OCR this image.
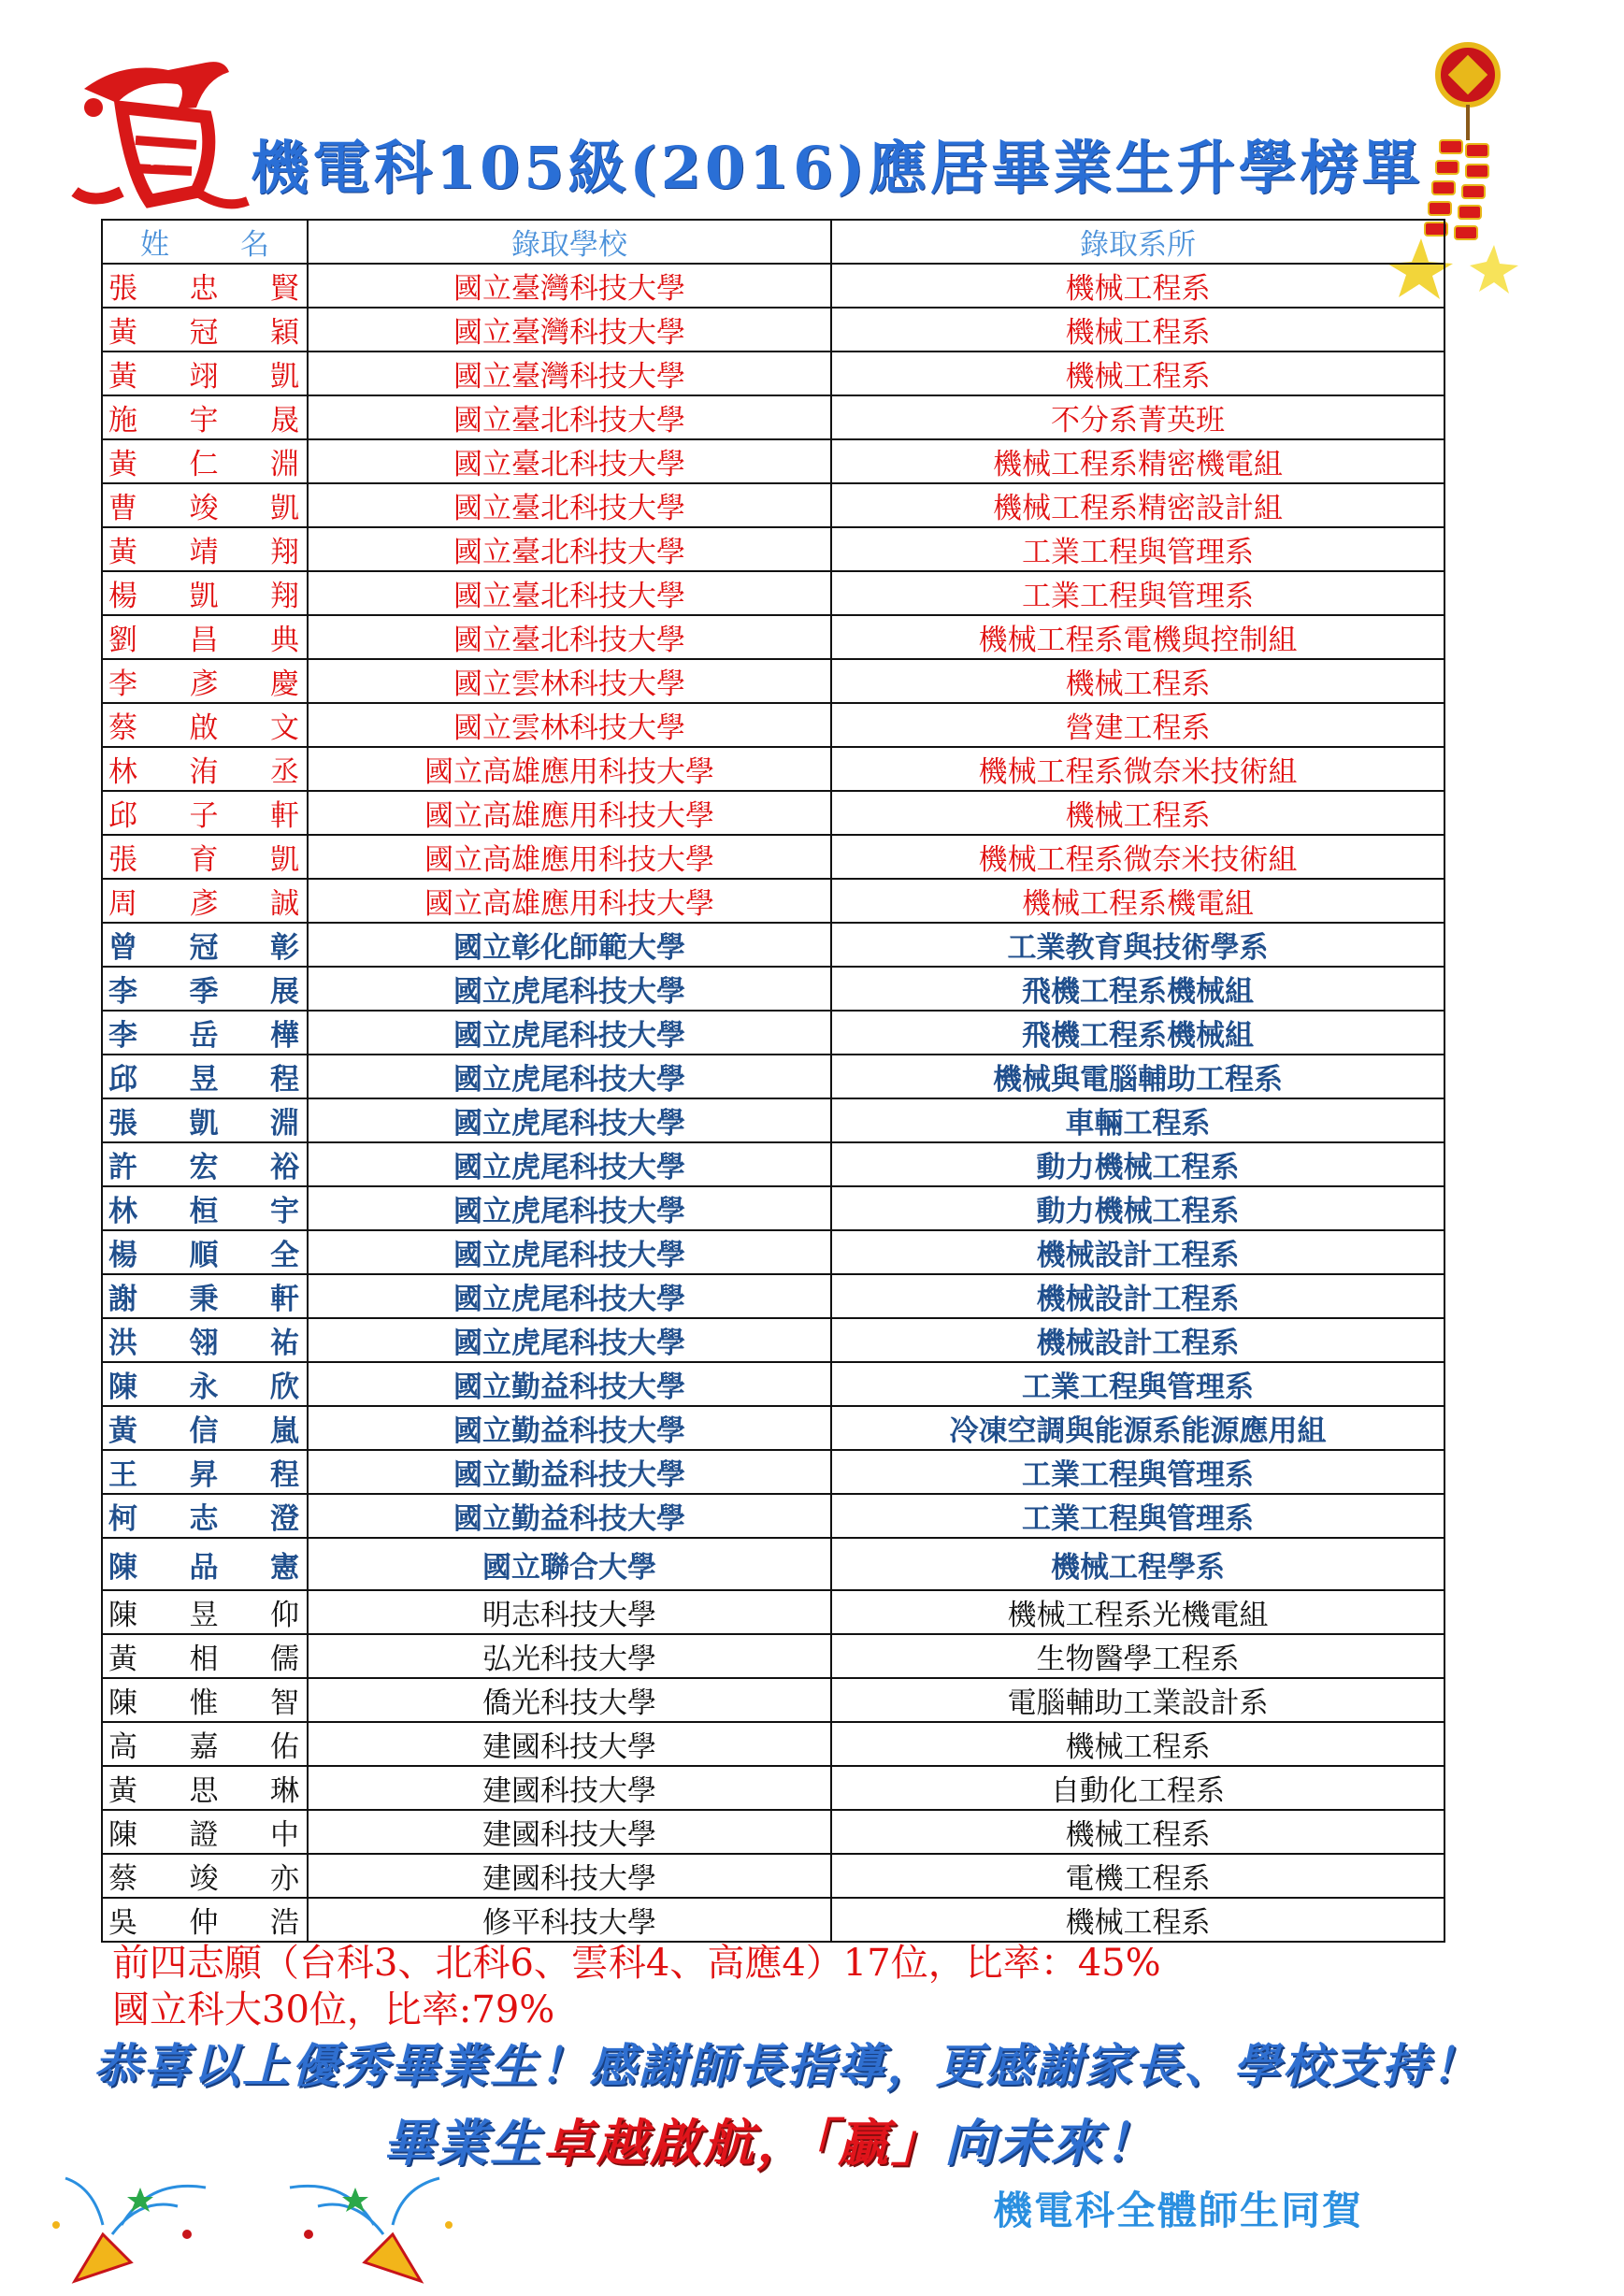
賀 機電科105級(2016)應居畢業生升學榜單
姓名	錄取學校	錄取系所
張忠賢	國立臺灣科技大學	機械工程系
黃冠穎	國立臺灣科技大學	機械工程系
黃翊凱	國立臺灣科技大學	機械工程系
施宇晟	國立臺北科技大學	不分系菁英班
黃仁淵	國立臺北科技大學	機械工程系精密機電組
曹竣凱	國立臺北科技大學	機械工程系精密設計組
黃靖翔	國立臺北科技大學	工業工程與管理系
楊凱翔	國立臺北科技大學	工業工程與管理系
劉昌典	國立臺北科技大學	機械工程系電機與控制組
李彥慶	國立雲林科技大學	機械工程系
蔡啟文	國立雲林科技大學	營建工程系
林洧丞	國立高雄應用科技大學	機械工程系微奈米技術組
邱子軒	國立高雄應用科技大學	機械工程系
張育凱	國立高雄應用科技大學	機械工程系微奈米技術組
周彥誠	國立高雄應用科技大學	機械工程系機電組
曾冠彰	國立彰化師範大學	工業教育與技術學系
李季展	國立虎尾科技大學	飛機工程系機械組
李岳樺	國立虎尾科技大學	飛機工程系機械組
邱昱程	國立虎尾科技大學	機械與電腦輔助工程系
張凱淵	國立虎尾科技大學	車輛工程系
許宏裕	國立虎尾科技大學	動力機械工程系
林桓宇	國立虎尾科技大學	動力機械工程系
楊順全	國立虎尾科技大學	機械設計工程系
謝秉軒	國立虎尾科技大學	機械設計工程系
洪翎祐	國立虎尾科技大學	機械設計工程系
陳永欣	國立勤益科技大學	工業工程與管理系
黃信嵐	國立勤益科技大學	冷凍空調與能源系能源應用組
王昇程	國立勤益科技大學	工業工程與管理系
柯志澄	國立勤益科技大學	工業工程與管理系
陳品憲	國立聯合大學	機械工程學系
陳昱仰	明志科技大學	機械工程系光機電組
黃相儒	弘光科技大學	生物醫學工程系
陳惟智	僑光科技大學	電腦輔助工業設計系
高嘉佑	建國科技大學	機械工程系
黃思琳	建國科技大學	自動化工程系
陳證中	建國科技大學	機械工程系
蔡竣亦	建國科技大學	電機工程系
吳仲浩	修平科技大學	機械工程系
前四志願（台科3、北科6、雲科4、高應4）17位，比率：45%
國立科大30位，比率:79%
恭喜以上優秀畢業生！感謝師長指導，更感謝家長、學校支持！
畢業生卓越啟航，「贏」向未來！
機電科全體師生同賀
